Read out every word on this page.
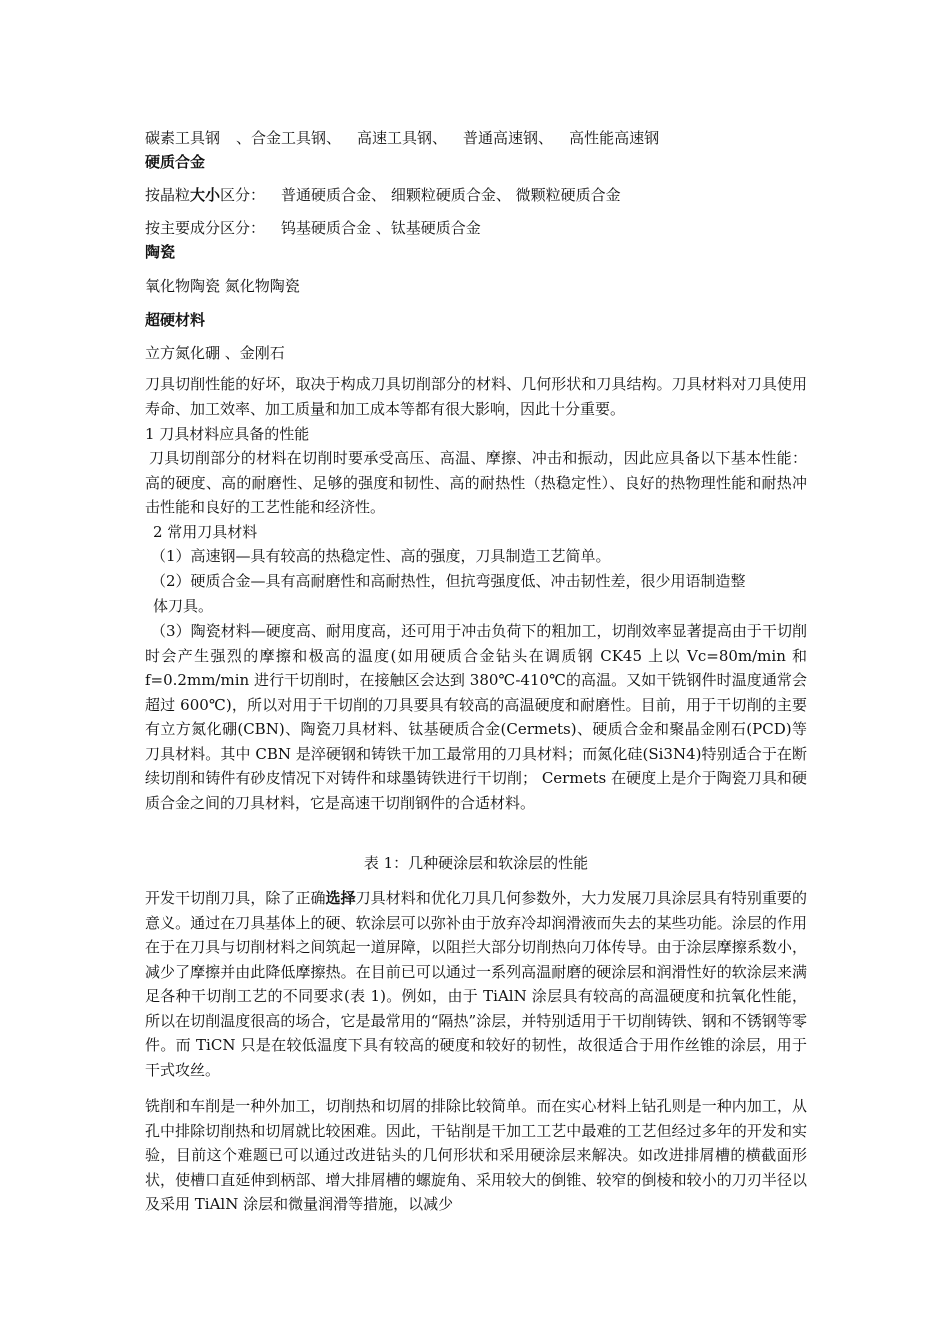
碳素工具钢 、合金工具钢、 高速工具钢、 普通高速钢、 高性能高速钢
硬质合金
按晶粒大小区分： 普通硬质合金、 细颗粒硬质合金、 微颗粒硬质合金
按主要成分区分： 钨基硬质合金 、钛基硬质合金
陶瓷
氧化物陶瓷 氮化物陶瓷
超硬材料
立方氮化硼 、金刚石
刀具切削性能的好坏，取决于构成刀具切削部分的材料、几何形状和刀具结构。刀具材料对刀具使用寿命、加工效率、加工质量和加工成本等都有很大影响，因此十分重要。
1 刀具材料应具备的性能
刀具切削部分的材料在切削时要承受高压、高温、摩擦、冲击和振动，因此应具备以下基本性能：高的硬度、高的耐磨性、足够的强度和韧性、高的耐热性（热稳定性）、良好的热物理性能和耐热冲击性能和良好的工艺性能和经济性。
2 常用刀具材料
（1）高速钢—具有较高的热稳定性、高的强度，刀具制造工艺简单。
（2）硬质合金—具有高耐磨性和高耐热性，但抗弯强度低、冲击韧性差，很少用语制造整
体刀具。
（3）陶瓷材料—硬度高、耐用度高，还可用于冲击负荷下的粗加工，切削效率显著提高由于干切削时会产生强烈的摩擦和极高的温度(如用硬质合金钻头在调质钢 CK45 上以 Vc=80m/min 和 f=0.2mm/min 进行干切削时，在接触区会达到 380℃-410℃的高温。又如干铣钢件时温度通常会超过 600℃)，所以对用于干切削的刀具要具有较高的高温硬度和耐磨性。目前，用于干切削的主要有立方氮化硼(CBN)、陶瓷刀具材料、钛基硬质合金(Cermets)、硬质合金和聚晶金刚石(PCD)等刀具材料。其中 CBN 是淬硬钢和铸铁干加工最常用的刀具材料；而氮化硅(Si3N4)特别适合于在断续切削和铸件有砂皮情况下对铸件和球墨铸铁进行干切削； Cermets 在硬度上是介于陶瓷刀具和硬质合金之间的刀具材料，它是高速干切削钢件的合适材料。
表 1：几种硬涂层和软涂层的性能
开发干切削刀具，除了正确选择刀具材料和优化刀具几何参数外，大力发展刀具涂层具有特别重要的意义。通过在刀具基体上的硬、软涂层可以弥补由于放弃冷却润滑液而失去的某些功能。涂层的作用在于在刀具与切削材料之间筑起一道屏障，以阻拦大部分切削热向刀体传导。由于涂层摩擦系数小，减少了摩擦并由此降低摩擦热。在目前已可以通过一系列高温耐磨的硬涂层和润滑性好的软涂层来满足各种干切削工艺的不同要求(表 1)。例如，由于 TiAlN 涂层具有较高的高温硬度和抗氧化性能，所以在切削温度很高的场合，它是最常用的“隔热”涂层，并特别适用于干切削铸铁、钢和不锈钢等零件。而 TiCN 只是在较低温度下具有较高的硬度和较好的韧性，故很适合于用作丝锥的涂层，用于干式攻丝。
铣削和车削是一种外加工，切削热和切屑的排除比较简单。而在实心材料上钻孔则是一种内加工，从孔中排除切削热和切屑就比较困难。因此，干钻削是干加工工艺中最难的工艺但经过多年的开发和实验，目前这个难题已可以通过改进钻头的几何形状和采用硬涂层来解决。如改进排屑槽的横截面形状，使槽口直延伸到柄部、增大排屑槽的螺旋角、采用较大的倒锥、较窄的倒棱和较小的刀刃半径以及采用 TiAlN 涂层和微量润滑等措施，以减少
